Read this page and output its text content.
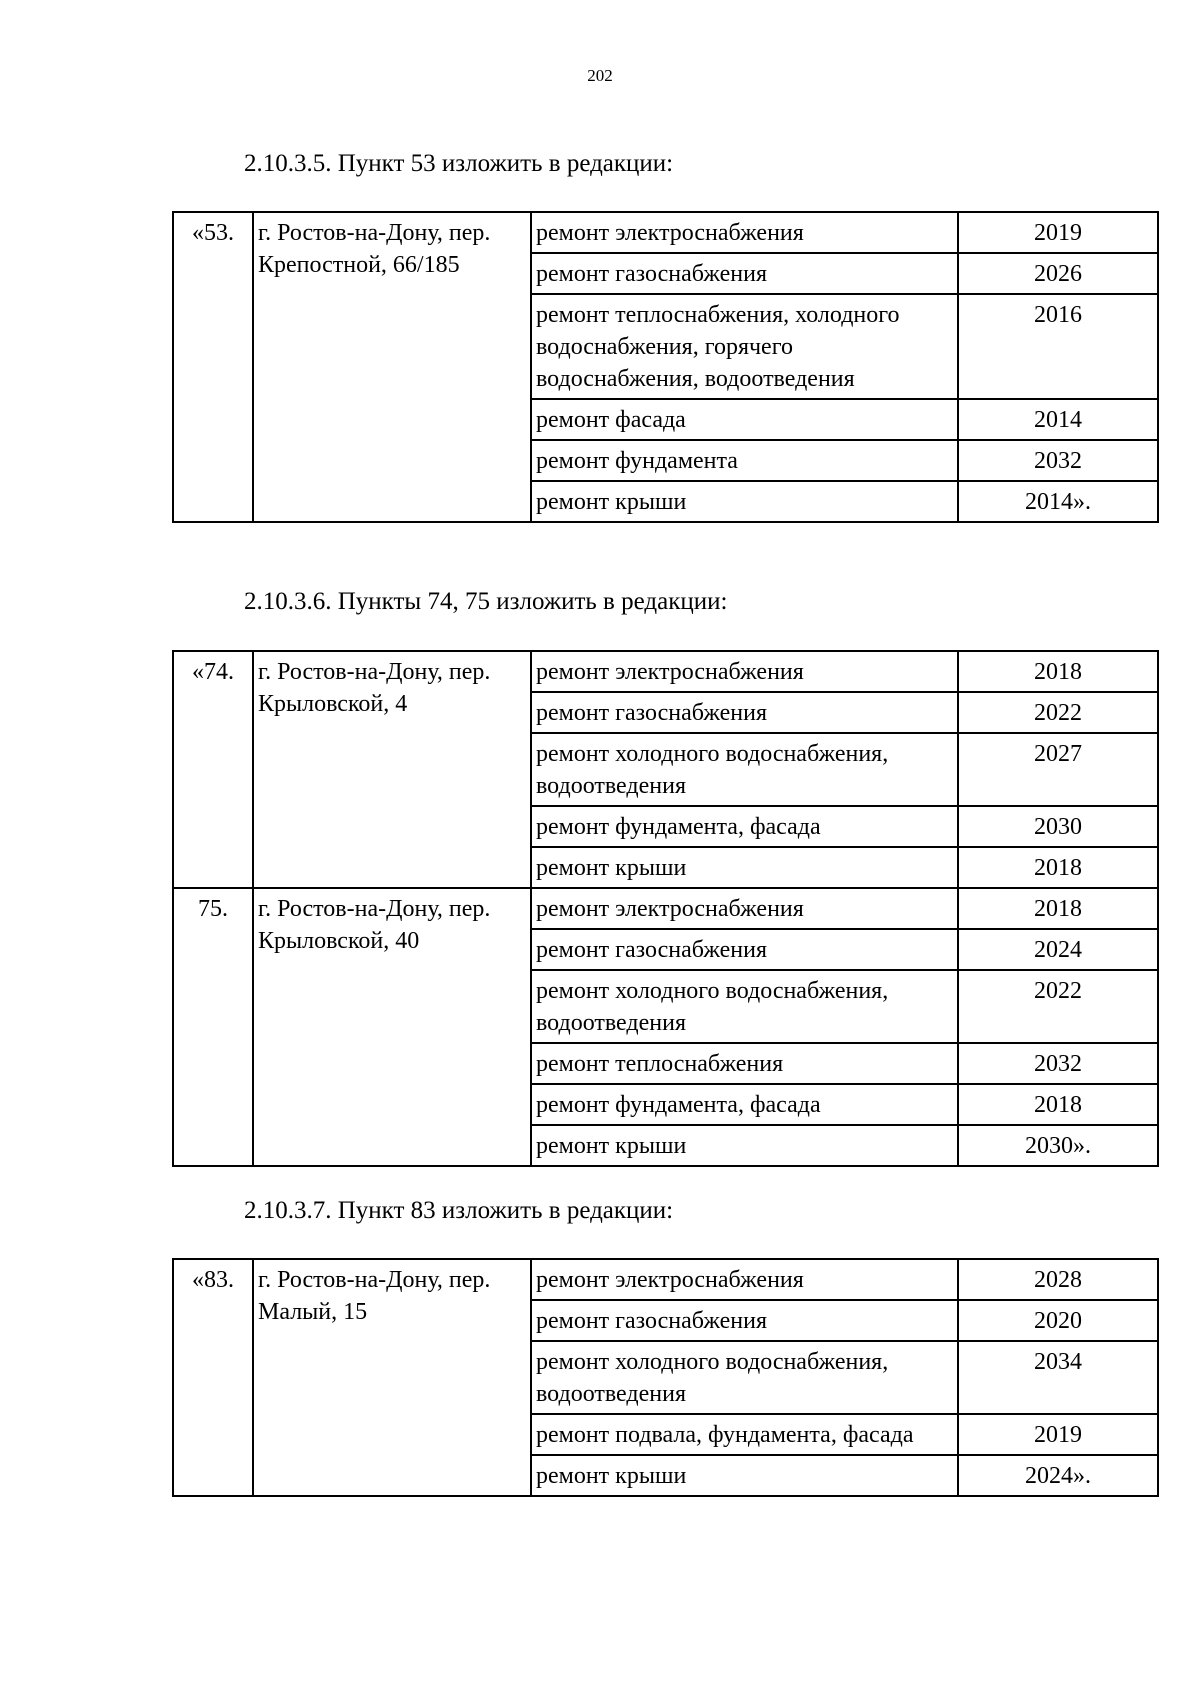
202
2.10.3.5. Пункт 53 изложить в редакции:
«53.	г. Ростов-на-Дону, пер. Крепостной, 66/185	ремонт электроснабжения	2019
		ремонт газоснабжения	2026
		ремонт теплоснабжения, холодного водоснабжения, горячего водоснабжения, водоотведения	2016
		ремонт фасада	2014
		ремонт фундамента	2032
		ремонт крыши	2014».
2.10.3.6. Пункты 74, 75 изложить в редакции:
«74.	г. Ростов-на-Дону, пер. Крыловской, 4	ремонт электроснабжения	2018
		ремонт газоснабжения	2022
		ремонт холодного водоснабжения, водоотведения	2027
		ремонт фундамента, фасада	2030
		ремонт крыши	2018
75.	г. Ростов-на-Дону, пер. Крыловской, 40	ремонт электроснабжения	2018
		ремонт газоснабжения	2024
		ремонт холодного водоснабжения, водоотведения	2022
		ремонт теплоснабжения	2032
		ремонт фундамента, фасада	2018
		ремонт крыши	2030».
2.10.3.7. Пункт 83 изложить в редакции:
«83.	г. Ростов-на-Дону, пер. Малый, 15	ремонт электроснабжения	2028
		ремонт газоснабжения	2020
		ремонт холодного водоснабжения, водоотведения	2034
		ремонт подвала, фундамента, фасада	2019
		ремонт крыши	2024».
